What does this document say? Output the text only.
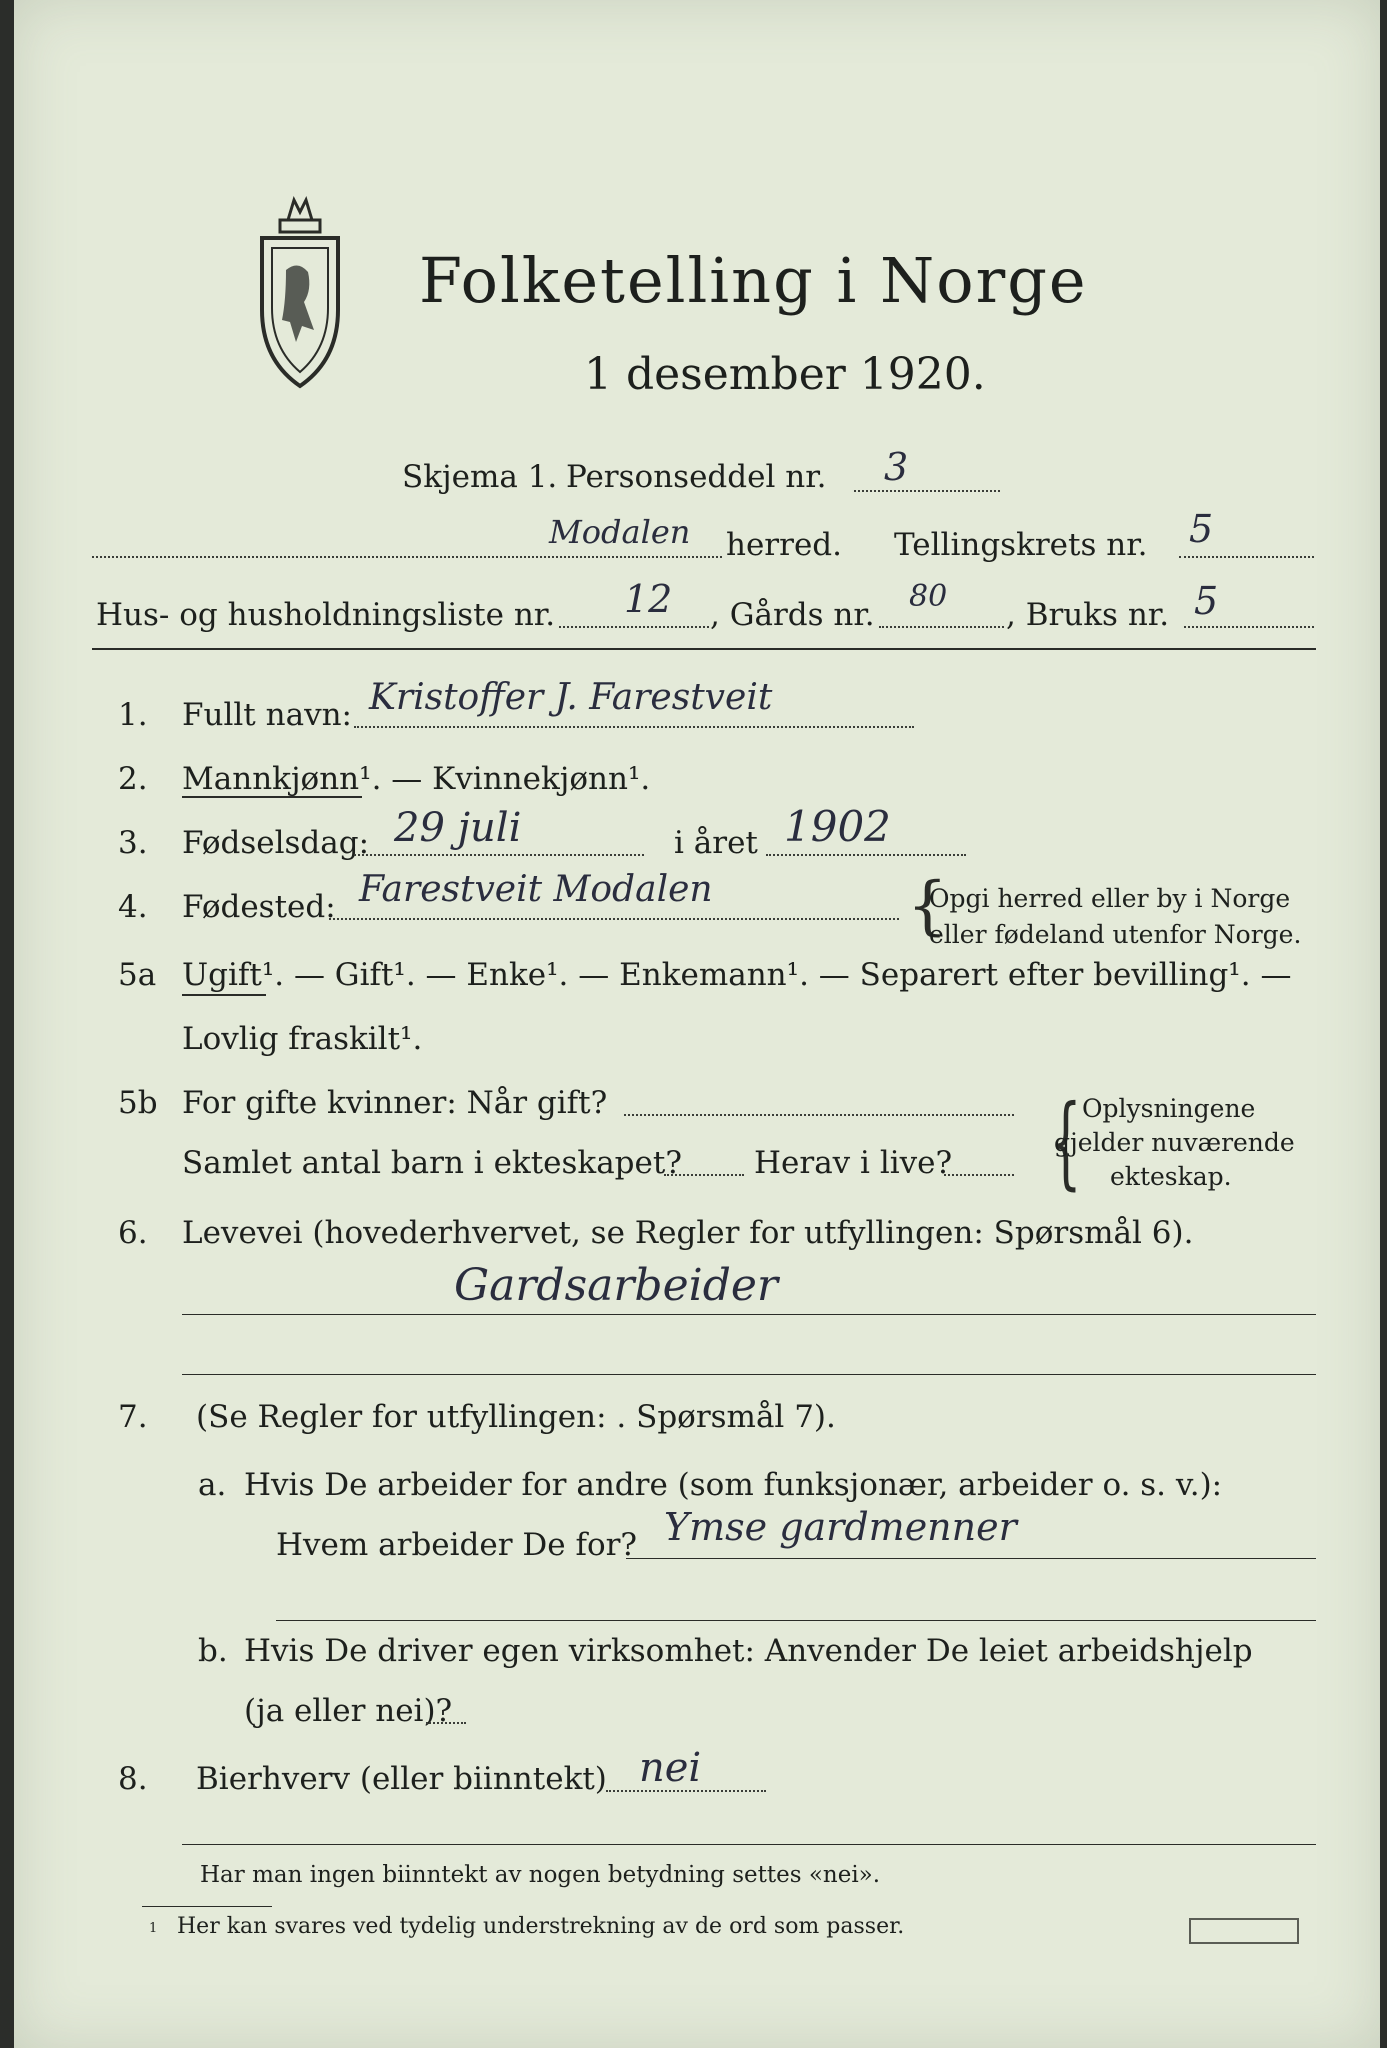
Folketelling i Norge
1 desember 1920.
Skjema 1. Personseddel nr. 3
Modalen herred. Tellingskrets nr. 5
Hus- og husholdningsliste nr. 12 , Gårds nr.
80
, Bruks nr. 5
1. Fullt navn: Kristoffer J. Farestveit
2. Mannkjønn¹. — Kvinnekjønn¹.
3. Fødselsdag: 29 juli	i året 1902
4. Fødested: Farestveit Modalen	{
Opgi herred eller by i Norge
eller fødeland utenfor Norge.
5a Ugift¹. — Gift¹. — Enke¹. — Enkemann¹. — Separert efter bevilling¹. —
Lovlig fraskilt¹.
5b For gifte kvinner: Når gift?
Samlet antal barn i ekteskapet? Herav i live? { Oplysningene
gjelder nuværende
ekteskap.
6. Levevei (hovederhvervet, se Regler for utfyllingen: Spørsmål 6).
Gardsarbeider
7. (Se Regler for utfyllingen: . Spørsmål 7).
a. Hvis De arbeider for andre (som funksjonær, arbeider o. s. v.):
Hvem arbeider De for? Ymse gardmenner
b. Hvis De driver egen virksomhet: Anvender De leiet arbeidshjelp
(ja eller nei)?
8. Bierhverv (eller biinntekt) nei
Har man ingen biinntekt av nogen betydning settes «nei».
1 Her kan svares ved tydelig understrekning av de ord som passer.
